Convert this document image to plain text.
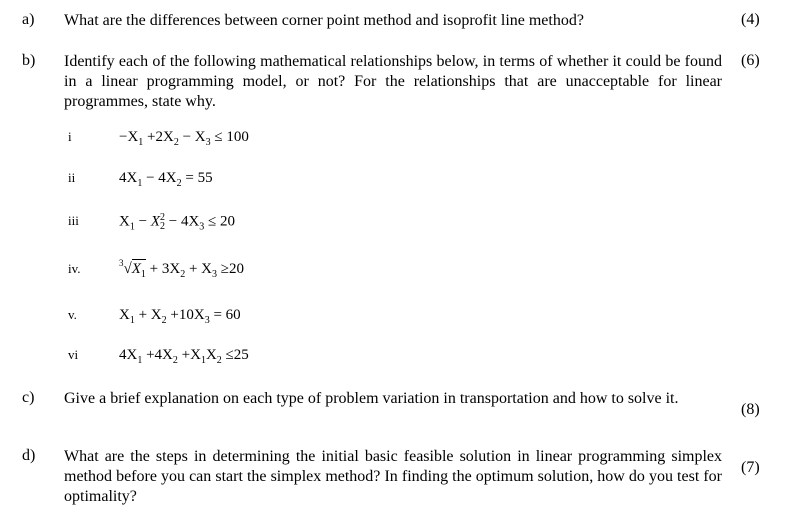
a) What are the differences between corner point method and isoprofit line method?	(4)
b) Identify each of the following mathematical relationships below, in terms of whether it could be found in a linear programming model, or not? For the relationships that are unacceptable for linear programmes, state why.
(6)
i	$-X_1 +2X_2 - X_3 \le 100$
ii	$4X_1 - 4X_2 = 55$
iii	$X_1 - X$ 2
$2 - 4X_3 \le 20$
iv.	$^3√X_1 + 3X_2 + X_3 \ge 20$
v.	$X_1 + X_2 +10X_3 = 60$
vi	$4X_1 +4X_2 +X_1X_2 \le 25$
c) Give a brief explanation on each type of problem variation in transportation and how to solve it.
(8)
d) What are the steps in determining the initial basic feasible solution in linear programming simplex method before you can start the simplex method? In finding the optimum solution, how do you test for optimality?
(7)
